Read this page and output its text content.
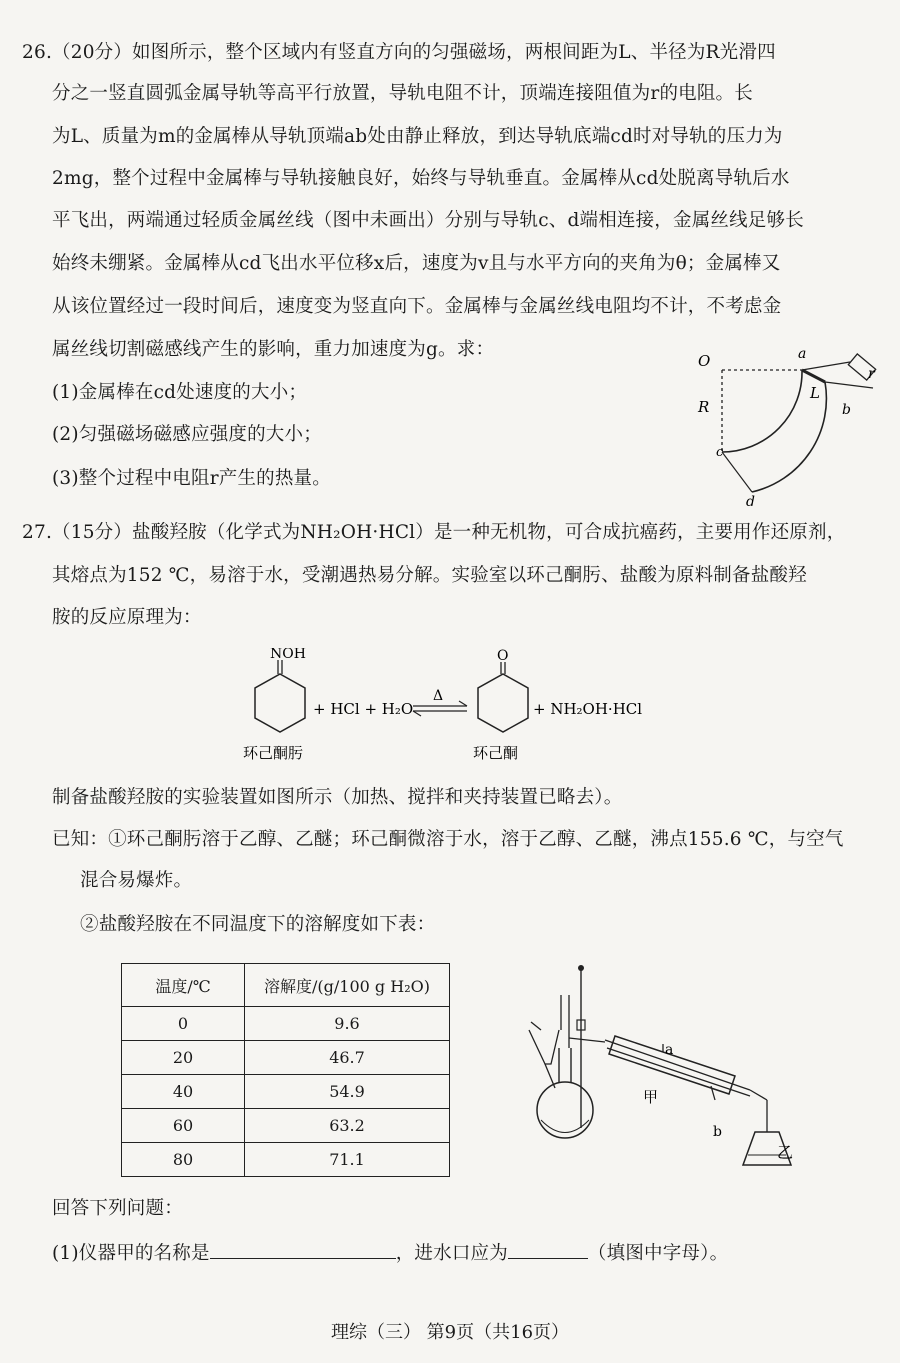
26.（20分）如图所示，整个区域内有竖直方向的匀强磁场，两根间距为L、半径为R光滑四
分之一竖直圆弧金属导轨等高平行放置，导轨电阻不计，顶端连接阻值为r的电阻。长
为L、质量为m的金属棒从导轨顶端ab处由静止释放，到达导轨底端cd时对导轨的压力为
2mg，整个过程中金属棒与导轨接触良好，始终与导轨垂直。金属棒从cd处脱离导轨后水
平飞出，两端通过轻质金属丝线（图中未画出）分别与导轨c、d端相连接，金属丝线足够长
始终未绷紧。金属棒从cd飞出水平位移x后，速度为v且与水平方向的夹角为θ；金属棒又
从该位置经过一段时间后，速度变为竖直向下。金属棒与金属丝线电阻均不计，不考虑金
属丝线切割磁感线产生的影响，重力加速度为g。求：
(1)金属棒在cd处速度的大小；
(2)匀强磁场磁感应强度的大小；
(3)整个过程中电阻r产生的热量。
O	a
r
L
b
R
c
d
27.（15分）盐酸羟胺（化学式为NH₂OH·HCl）是一种无机物，可合成抗癌药，主要用作还原剂，
其熔点为152 ℃，易溶于水，受潮遇热易分解。实验室以环己酮肟、盐酸为原料制备盐酸羟
胺的反应原理为：
NOH
+ HCl + H₂O
Δ
O
+ NH₂OH·HCl
环己酮肟	环己酮
制备盐酸羟胺的实验装置如图所示（加热、搅拌和夹持装置已略去）。
已知：①环己酮肟溶于乙醇、乙醚；环己酮微溶于水，溶于乙醇、乙醚，沸点155.6 ℃，与空气
混合易爆炸。
②盐酸羟胺在不同温度下的溶解度如下表：
温度/℃	溶解度/(g/100 g H₂O)
0	9.6
20	46.7
40	54.9
60	63.2
80	71.1
a
甲
b
乙
回答下列问题：
(1)仪器甲的名称是	，进水口应为	（填图中字母）。
理综（三） 第9页（共16页）
